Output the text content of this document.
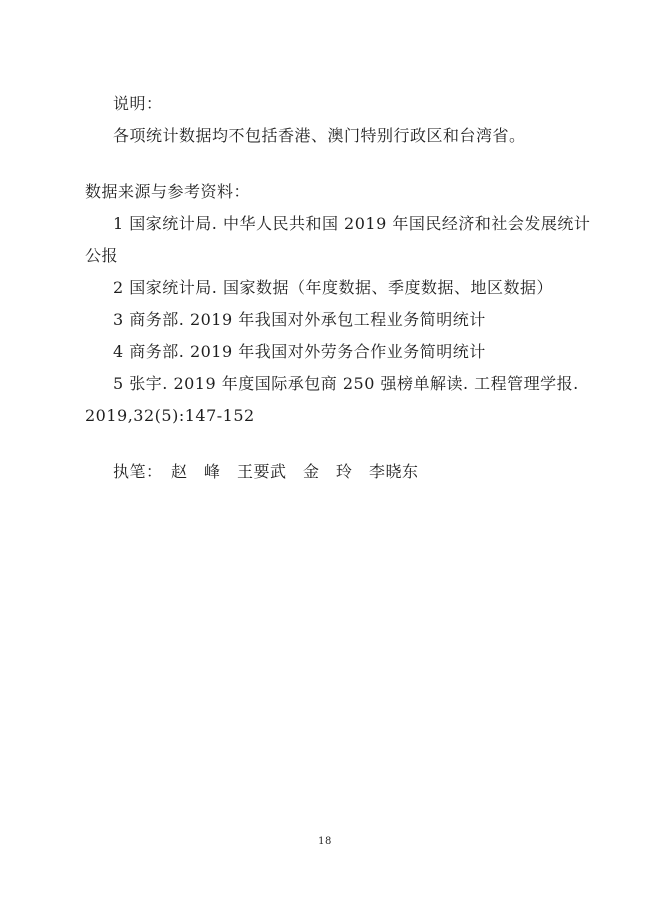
说明：
各项统计数据均不包括香港、澳门特别行政区和台湾省。
数据来源与参考资料：
1 国家统计局. 中华人民共和国 2019 年国民经济和社会发展统计
公报
2 国家统计局. 国家数据（年度数据、季度数据、地区数据）
3 商务部. 2019 年我国对外承包工程业务简明统计
4 商务部. 2019 年我国对外劳务合作业务简明统计
5 张宇. 2019 年度国际承包商 250 强榜单解读. 工程管理学报.
2019,32(5):147-152
执笔：　赵　峰　王要武　金　玲　李晓东
18
